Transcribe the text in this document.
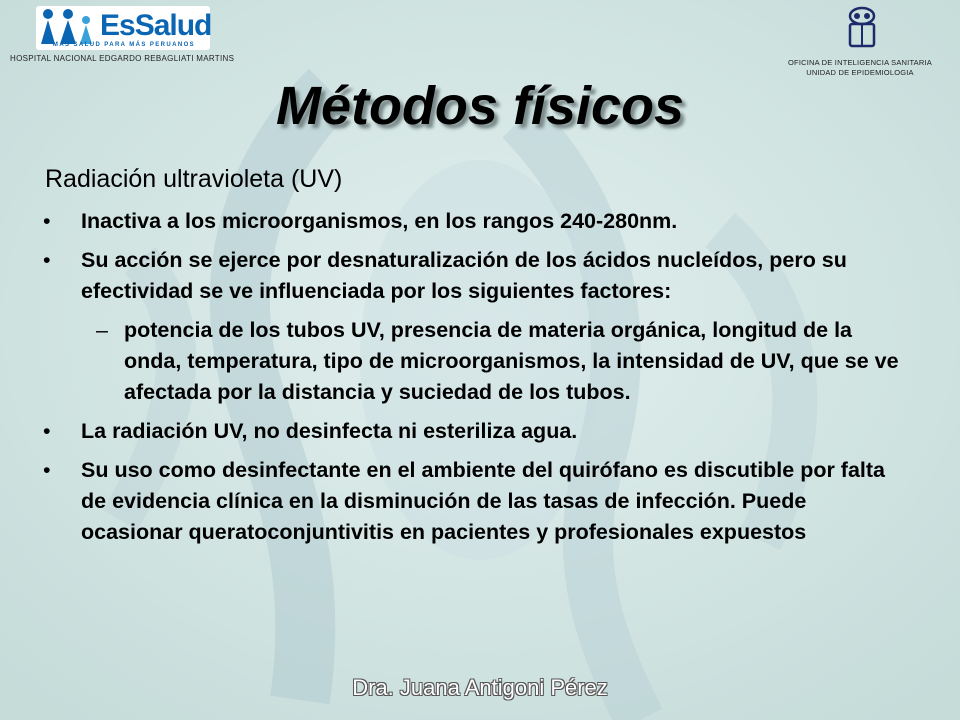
EsSalud
MÁS SALUD PARA MÁS PERUANOS
HOSPITAL NACIONAL EDGARDO REBAGLIATI MARTINS	OFICINA DE INTELIGENCIA SANITARIA
UNIDAD DE EPIDEMIOLOGIA
Métodos físicos
Radiación ultravioleta (UV)
• Inactiva a los microorganismos, en los rangos 240-280nm.
• Su acción se ejerce por desnaturalización de los ácidos nucleídos, pero su efectividad se ve influenciada por los siguientes factores:
– potencia de los tubos UV, presencia de materia orgánica, longitud de la onda, temperatura, tipo de microorganismos, la intensidad de UV, que se ve afectada por la distancia y suciedad de los tubos.
• La radiación UV, no desinfecta ni esteriliza agua.
• Su uso como desinfectante en el ambiente del quirófano es discutible por falta de evidencia clínica en la disminución de las tasas de infección. Puede ocasionar queratoconjuntivitis en pacientes y profesionales expuestos
Dra. Juana Antigoni Pérez
